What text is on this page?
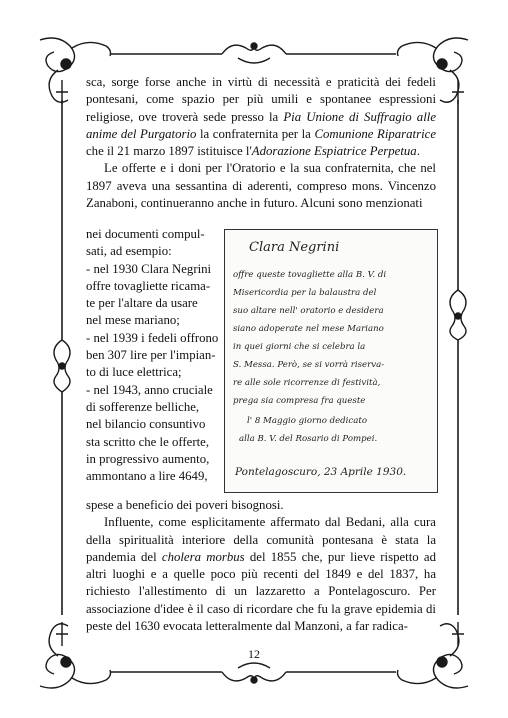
sca, sorge forse anche in virtù di necessità e praticità dei fedeli pontesani, come spazio per più umili e spontanee espressioni religiose, ove troverà sede presso la Pia Unione di Suffragio alle anime del Purgatorio la confraternita per la Comunione Riparatrice che il 21 marzo 1897 istituisce l'Adorazione Espiatrice Perpetua.

Le offerte e i doni per l'Oratorio e la sua confraternita, che nel 1897 aveva una sessantina di aderenti, compreso mons. Vincenzo Zanaboni, continueranno anche in futuro. Alcuni sono menzionati

nei documenti compul-
sati, ad esempio:
- nel 1930 Clara Negrini
offre tovagliette ricama-
te per l'altare da usare
nel mese mariano;
- nel 1939 i fedeli offrono
ben 307 lire per l'impian-
to di luce elettrica;
- nel 1943, anno cruciale
di sofferenze belliche,
nel bilancio consuntivo
sta scritto che le offerte,
in progressivo aumento,
ammontano a lire 4649,
Clara Negrini
offre queste tovagliette alla B. V. di
Misericordia per la balaustra del
suo altare nell' oratorio e desidera
siano adoperate nel mese Mariano
in quei giorni che si celebra la
S. Messa. Però, se si vorrà riserva-
re alle sole ricorrenze di festività,
prega sia compresa fra queste
l' 8 Maggio giorno dedicato
alla B. V. del Rosario di Pompei.
Pontelagoscuro, 23 Aprile 1930.

spese a beneficio dei poveri bisognosi.

Influente, come esplicitamente affermato dal Bedani, alla cura della spiritualità interiore della comunità pontesana è stata la pandemia del cholera morbus del 1855 che, pur lieve rispetto ad altri luoghi e a quelle poco più recenti del 1849 e del 1837, ha richiesto l'allestimento di un lazzaretto a Pontelagoscuro. Per associazione d'idee è il caso di ricordare che fu la grave epidemia di peste del 1630 evocata letteralmente dal Manzoni, a far radica-

12
